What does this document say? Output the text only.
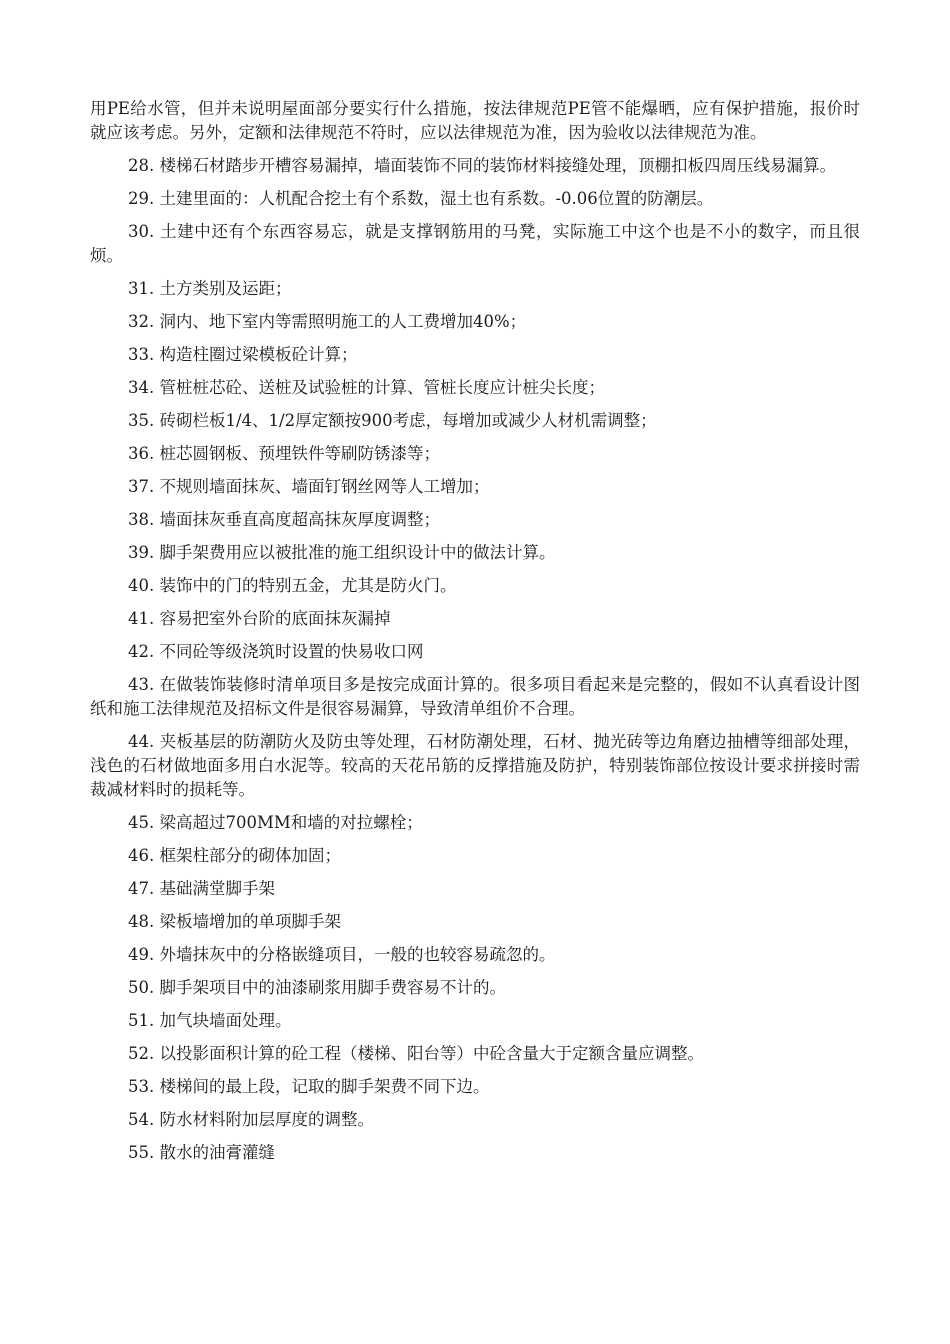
用PE给水管，但并未说明屋面部分要实行什么措施，按法律规范PE管不能爆晒，应有保护措施，报价时就应该考虑。另外，定额和法律规范不符时，应以法律规范为准，因为验收以法律规范为准。

28. 楼梯石材踏步开槽容易漏掉，墙面装饰不同的装饰材料接缝处理，顶棚扣板四周压线易漏算。

29. 土建里面的：人机配合挖土有个系数，湿土也有系数。-0.06位置的防潮层。

30. 土建中还有个东西容易忘，就是支撑钢筋用的马凳，实际施工中这个也是不小的数字，而且很烦。

31. 土方类别及运距；

32. 洞内、地下室内等需照明施工的人工费增加40%；

33. 构造柱圈过梁模板砼计算；

34. 管桩桩芯砼、送桩及试验桩的计算、管桩长度应计桩尖长度；

35. 砖砌栏板1/4、1/2厚定额按900考虑，每增加或减少人材机需调整；

36. 桩芯圆钢板、预埋铁件等刷防锈漆等；

37. 不规则墙面抹灰、墙面钉钢丝网等人工增加；

38. 墙面抹灰垂直高度超高抹灰厚度调整；

39. 脚手架费用应以被批准的施工组织设计中的做法计算。

40. 装饰中的门的特别五金，尤其是防火门。

41. 容易把室外台阶的底面抹灰漏掉

42. 不同砼等级浇筑时设置的快易收口网

43. 在做装饰装修时清单项目多是按完成面计算的。很多项目看起来是完整的，假如不认真看设计图纸和施工法律规范及招标文件是很容易漏算，导致清单组价不合理。

44. 夹板基层的防潮防火及防虫等处理，石材防潮处理，石材、抛光砖等边角磨边抽槽等细部处理，浅色的石材做地面多用白水泥等。较高的天花吊筋的反撑措施及防护，特别装饰部位按设计要求拼接时需裁减材料时的损耗等。

45. 梁高超过700MM和墙的对拉螺栓；

46. 框架柱部分的砌体加固；

47. 基础满堂脚手架

48. 梁板墙增加的单项脚手架

49. 外墙抹灰中的分格嵌缝项目，一般的也较容易疏忽的。

50. 脚手架项目中的油漆刷浆用脚手费容易不计的。

51. 加气块墙面处理。

52. 以投影面积计算的砼工程（楼梯、阳台等）中砼含量大于定额含量应调整。

53. 楼梯间的最上段，记取的脚手架费不同下边。

54. 防水材料附加层厚度的调整。

55. 散水的油膏灌缝
